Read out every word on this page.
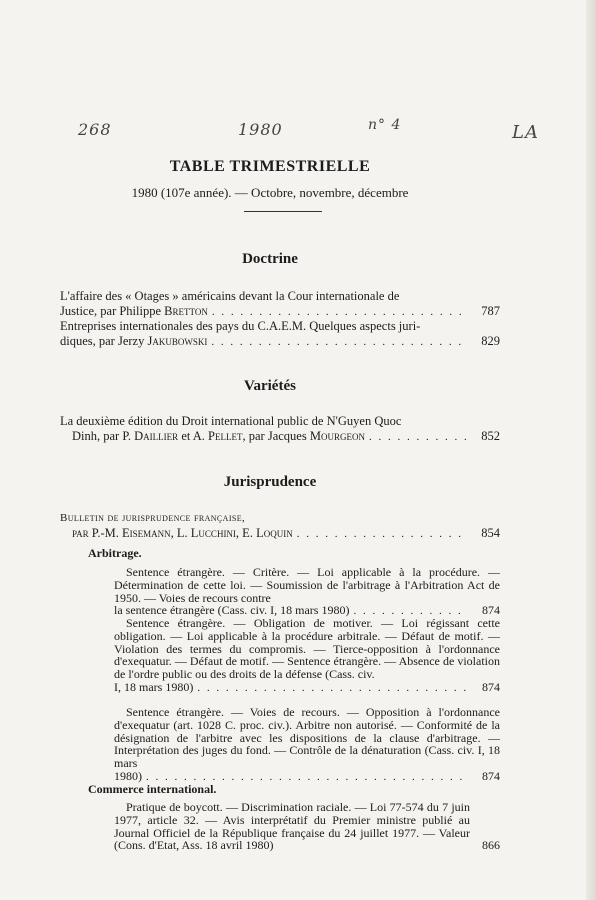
268	1980	n° 4	LA
TABLE TRIMESTRIELLE
1980 (107e année). — Octobre, novembre, décembre
Doctrine
L'affaire des « Otages » américains devant la Cour internationale de
Justice, par Philippe Bretton . . .	787
Entreprises internationales des pays du C.A.E.M. Quelques aspects juri-
diques, par Jerzy Jakubowski . . .	829
Variétés
La deuxième édition du Droit international public de N'Guyen Quoc
Dinh, par P. Daillier et A. Pellet, par Jacques Mourgeon . . .	852
Jurisprudence
Bulletin de jurisprudence française,
par P.-M. Eisemann, L. Lucchini, E. Loquin . . .	854
Arbitrage.

Sentence étrangère. — Critère. — Loi applicable à la procédure. — Détermination de cette loi. — Soumission de l'arbitrage à l'Arbitration Act de 1950. — Voies de recours contre

la sentence étrangère (Cass. civ. I, 18 mars 1980) . . .	874

Sentence étrangère. — Obligation de motiver. — Loi régissant cette obligation. — Loi applicable à la procédure arbitrale. — Défaut de motif. — Violation des termes du compromis. — Tierce-opposition à l'ordonnance d'exequatur. — Défaut de motif. — Sentence étrangère. — Absence de violation de l'ordre public ou des droits de la défense (Cass. civ.

I, 18 mars 1980) . . .	874

Sentence étrangère. — Voies de recours. — Opposition à l'ordonnance d'exequatur (art. 1028 C. proc. civ.). Arbitre non autorisé. — Conformité de la désignation de l'arbitre avec les dispositions de la clause d'arbitrage. — Interprétation des juges du fond. — Contrôle de la dénaturation (Cass. civ. I, 18 mars

1980) . . .	874
Commerce international.

Pratique de boycott. — Discrimination raciale. — Loi 77-574 du 7 juin 1977, article 32. — Avis interprétatif du Premier ministre publié au Journal Officiel de la République française du 24 juillet 1977. — Valeur (Cons. d'Etat, Ass. 18 avril 1980)	866
